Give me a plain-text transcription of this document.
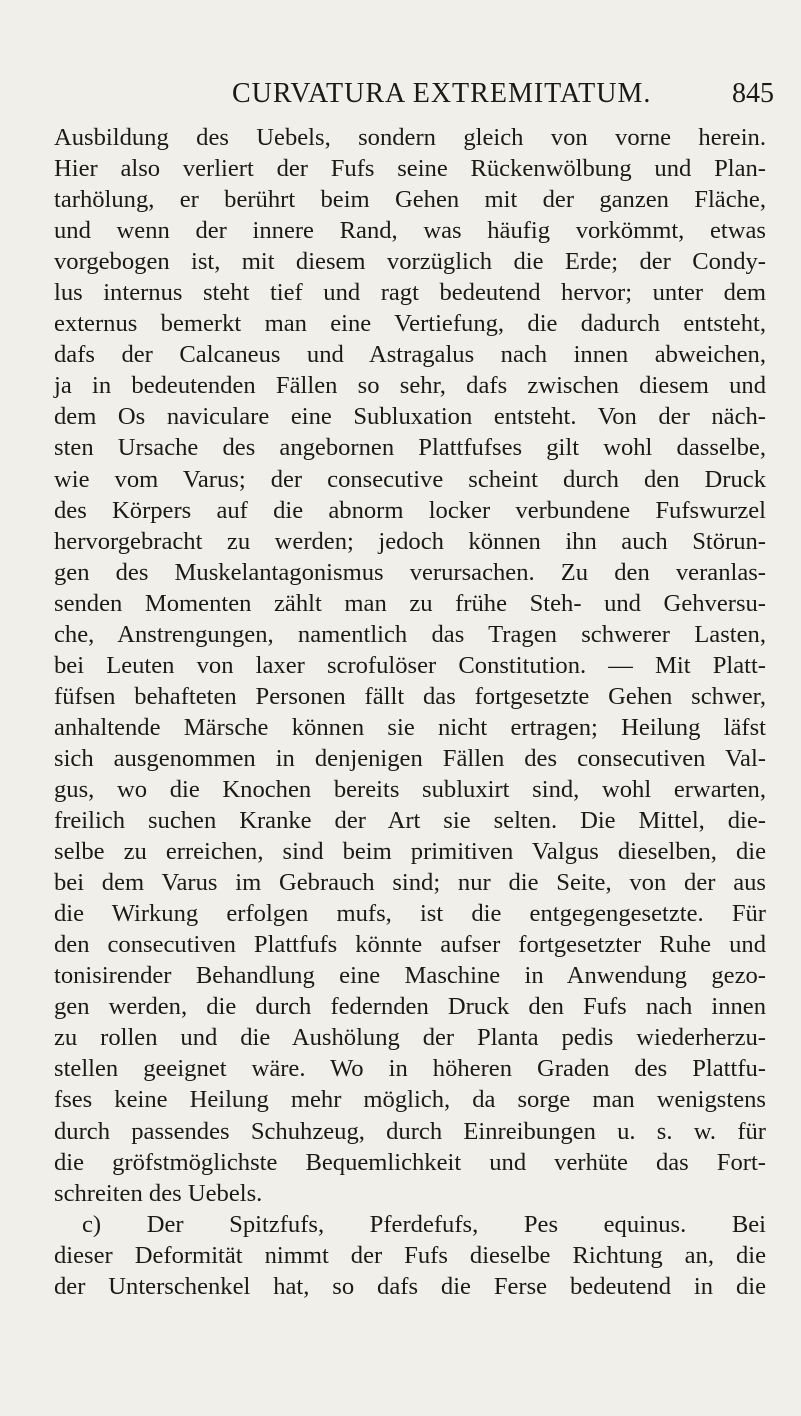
CURVATURA EXTREMITATUM.	845
Ausbildung des Uebels, sondern gleich von vorne herein.
Hier also verliert der Fufs seine Rückenwölbung und Plan-
tarhölung, er berührt beim Gehen mit der ganzen Fläche,
und wenn der innere Rand, was häufig vorkömmt, etwas
vorgebogen ist, mit diesem vorzüglich die Erde; der Condy-
lus internus steht tief und ragt bedeutend hervor; unter dem
externus bemerkt man eine Vertiefung, die dadurch entsteht,
dafs der Calcaneus und Astragalus nach innen abweichen,
ja in bedeutenden Fällen so sehr, dafs zwischen diesem und
dem Os naviculare eine Subluxation entsteht. Von der näch-
sten Ursache des angebornen Plattfufses gilt wohl dasselbe,
wie vom Varus; der consecutive scheint durch den Druck
des Körpers auf die abnorm locker verbundene Fufswurzel
hervorgebracht zu werden; jedoch können ihn auch Störun-
gen des Muskelantagonismus verursachen. Zu den veranlas-
senden Momenten zählt man zu frühe Steh- und Gehversu-
che, Anstrengungen, namentlich das Tragen schwerer Lasten,
bei Leuten von laxer scrofulöser Constitution. — Mit Platt-
füfsen behafteten Personen fällt das fortgesetzte Gehen schwer,
anhaltende Märsche können sie nicht ertragen; Heilung läfst
sich ausgenommen in denjenigen Fällen des consecutiven Val-
gus, wo die Knochen bereits subluxirt sind, wohl erwarten,
freilich suchen Kranke der Art sie selten. Die Mittel, die-
selbe zu erreichen, sind beim primitiven Valgus dieselben, die
bei dem Varus im Gebrauch sind; nur die Seite, von der aus
die Wirkung erfolgen mufs, ist die entgegengesetzte. Für
den consecutiven Plattfufs könnte aufser fortgesetzter Ruhe und
tonisirender Behandlung eine Maschine in Anwendung gezo-
gen werden, die durch federnden Druck den Fufs nach innen
zu rollen und die Aushölung der Planta pedis wiederherzu-
stellen geeignet wäre. Wo in höheren Graden des Plattfu-
fses keine Heilung mehr möglich, da sorge man wenigstens
durch passendes Schuhzeug, durch Einreibungen u. s. w. für
die gröfstmöglichste Bequemlichkeit und verhüte das Fort-
schreiten des Uebels.
c) Der Spitzfufs, Pferdefufs, Pes equinus. Bei
dieser Deformität nimmt der Fufs dieselbe Richtung an, die
der Unterschenkel hat, so dafs die Ferse bedeutend in die
